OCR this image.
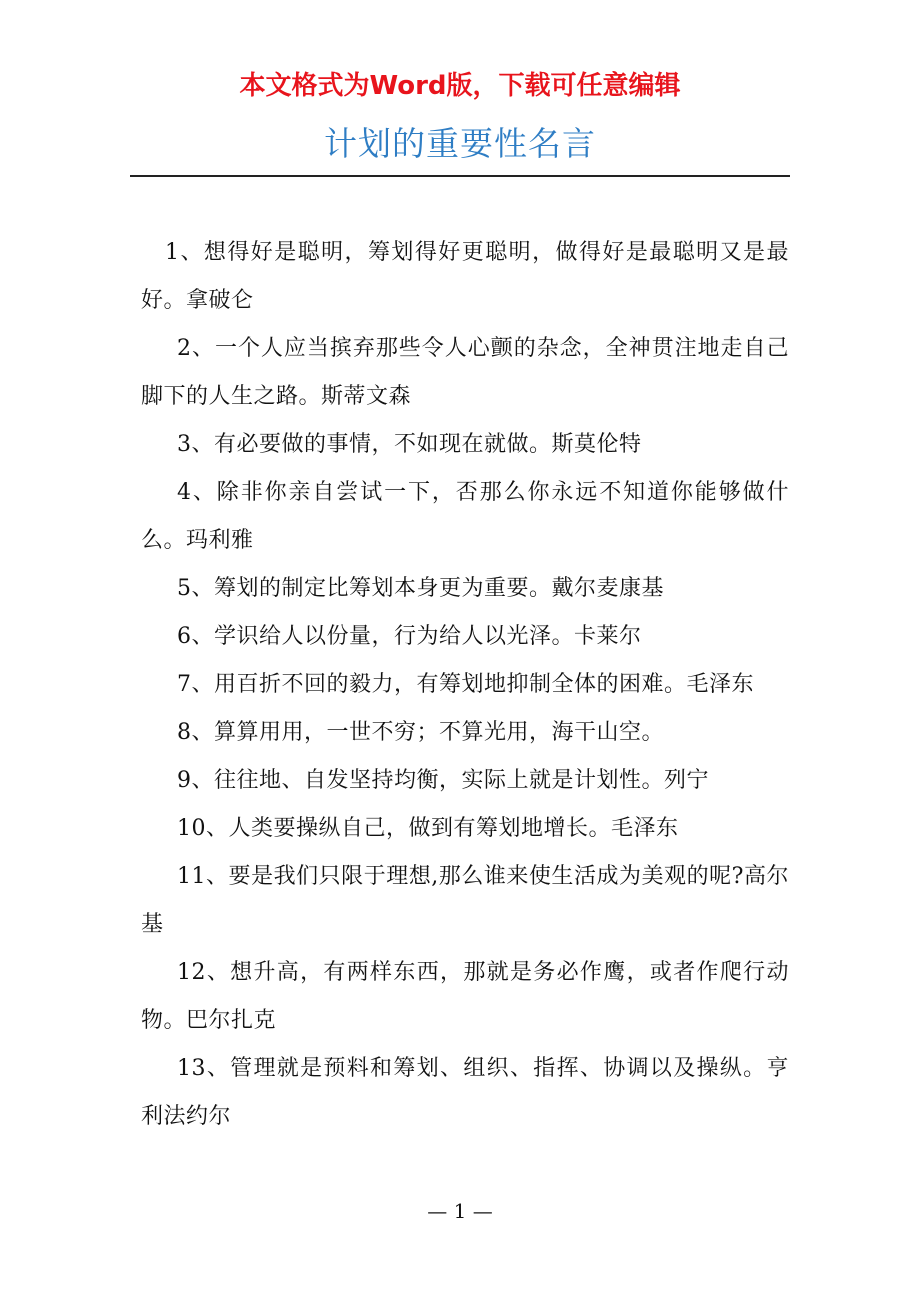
本文格式为Word版，下载可任意编辑
计划的重要性名言

1、想得好是聪明，筹划得好更聪明，做得好是最聪明又是最好。拿破仑

2、一个人应当摈弃那些令人心颤的杂念，全神贯注地走自己脚下的人生之路。斯蒂文森

3、有必要做的事情，不如现在就做。斯莫伦特

4、除非你亲自尝试一下，否那么你永远不知道你能够做什么。玛利雅

5、筹划的制定比筹划本身更为重要。戴尔麦康基

6、学识给人以份量，行为给人以光泽。卡莱尔

7、用百折不回的毅力，有筹划地抑制全体的困难。毛泽东

8、算算用用，一世不穷；不算光用，海干山空。

9、往往地、自发坚持均衡，实际上就是计划性。列宁

10、人类要操纵自己，做到有筹划地增长。毛泽东

11、要是我们只限于理想,那么谁来使生活成为美观的呢?高尔基

12、想升高，有两样东西，那就是务必作鹰，或者作爬行动物。巴尔扎克

13、管理就是预料和筹划、组织、指挥、协调以及操纵。亨利法约尔

— 1 —
